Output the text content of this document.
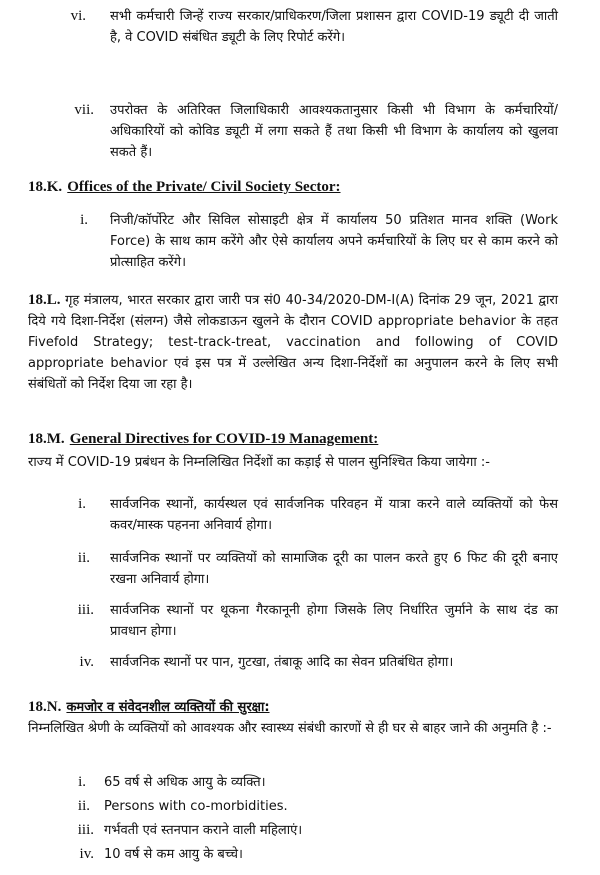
vi. सभी कर्मचारी जिन्हें राज्य सरकार/प्राधिकरण/जिला प्रशासन द्वारा COVID-19 ड्यूटी दी जाती है, वे COVID संबंधित ड्यूटी के लिए रिपोर्ट करेंगे।

vii. उपरोक्त के अतिरिक्त जिलाधिकारी आवश्यकतानुसार किसी भी विभाग के कर्मचारियों/अधिकारियों को कोविड ड्यूटी में लगा सकते हैं तथा किसी भी विभाग के कार्यालय को खुलवा सकते हैं।

18.K. Offices of the Private/ Civil Society Sector:
i. निजी/कॉर्पोरेट और सिविल सोसाइटी क्षेत्र में कार्यालय 50 प्रतिशत मानव शक्ति (Work Force) के साथ काम करेंगे और ऐसे कार्यालय अपने कर्मचारियों के लिए घर से काम करने को प्रोत्साहित करेंगे।

18.L. गृह मंत्रालय, भारत सरकार द्वारा जारी पत्र सं0 40-34/2020-DM-I(A) दिनांक 29 जून, 2021 द्वारा दिये गये दिशा-निर्देश (संलग्न) जैसे लोकडाऊन खुलने के दौरान COVID appropriate behavior के तहत Fivefold Strategy; test-track-treat, vaccination and following of COVID appropriate behavior एवं इस पत्र में उल्लेखित अन्य दिशा-निर्देशों का अनुपालन करने के लिए सभी संबंधितों को निर्देश दिया जा रहा है।

18.M. General Directives for COVID-19 Management:

राज्य में COVID-19 प्रबंधन के निम्नलिखित निर्देशों का कड़ाई से पालन सुनिश्चित किया जायेगा :-

i. सार्वजनिक स्थानों, कार्यस्थल एवं सार्वजनिक परिवहन में यात्रा करने वाले व्यक्तियों को फेस कवर/मास्क पहनना अनिवार्य होगा।

ii. सार्वजनिक स्थानों पर व्यक्तियों को सामाजिक दूरी का पालन करते हुए 6 फिट की दूरी बनाए रखना अनिवार्य होगा।

iii. सार्वजनिक स्थानों पर थूकना गैरकानूनी होगा जिसके लिए निर्धारित जुर्माने के साथ दंड का प्रावधान होगा।

iv. सार्वजनिक स्थानों पर पान, गुटखा, तंबाकू आदि का सेवन प्रतिबंधित होगा।

18.N. कमजोर व संवेदनशील व्यक्तियों की सुरक्षा:

निम्नलिखित श्रेणी के व्यक्तियों को आवश्यक और स्वास्थ्य संबंधी कारणों से ही घर से बाहर जाने की अनुमति है :-

i. 65 वर्ष से अधिक आयु के व्यक्ति।

ii. Persons with co-morbidities.

iii. गर्भवती एवं स्तनपान कराने वाली महिलाएं।

iv. 10 वर्ष से कम आयु के बच्चे।
